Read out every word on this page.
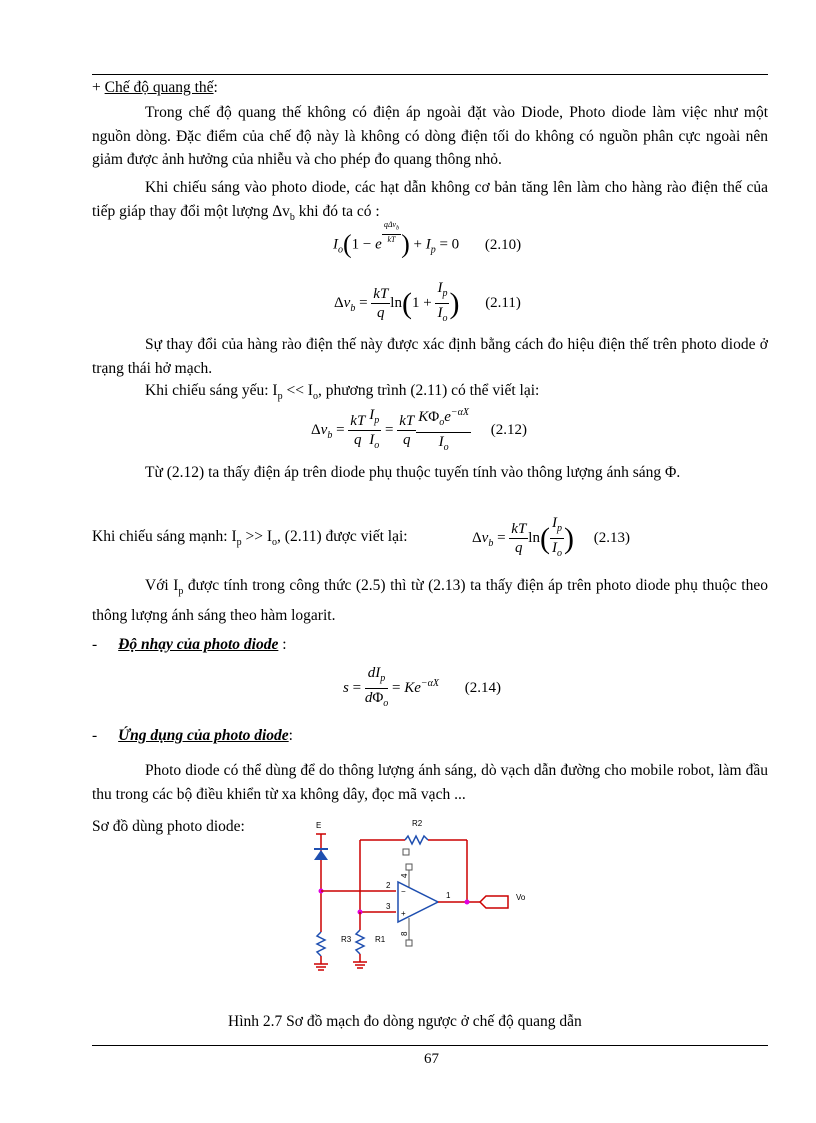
+ Chế độ quang thế:
Trong chế độ quang thế không có điện áp ngoài đặt vào Diode, Photo diode làm việc như một nguồn dòng. Đặc điểm của chế độ này là không có dòng điện tối do không có nguồn phân cực ngoài nên giảm được ảnh hưởng của nhiễu và cho phép đo quang thông nhỏ.
Khi chiếu sáng vào photo diode, các hạt dẫn không cơ bản tăng lên làm cho hàng rào điện thế của tiếp giáp thay đổi một lượng $\Delta v_b$ khi đó ta có :
$I_o(1 - e$ $^{\frac{q\Delta v_b}{kT}}$ ) + $I_p = 0$ (2.10)
$\Delta v_b = \frac{kT}{q} \ln(1 + \frac{I_p}{I_o}$ ) (2.11)
Sự thay đổi của hàng rào điện thế này được xác định bằng cách đo hiệu điện thế trên photo diode ở trạng thái hở mạch.
Khi chiếu sáng yếu: $I_p << I_o$, phương trình (2.11) có thể viết lại:
$\Delta v_b = \frac{kT}{q} \frac{I_p}{I_o} = \frac{kT}{q} \frac{K\Phi_oe^{-\alpha X}}{I_o} (2.12)$
Từ (2.12) ta thấy điện áp trên diode phụ thuộc tuyến tính vào thông lượng ánh sáng Φ.
Khi chiếu sáng mạnh: $I_p >> I_o$, (2.11) được viết lại:	$\Delta v_b = \frac{kT}{q} \ln( \frac{I_p}{I_o}$ ) (2.13)
Với $I_p$ được tính trong công thức (2.5) thì từ (2.13) ta thấy điện áp trên photo diode phụ thuộc theo thông lượng ánh sáng theo hàm logarit.
- Độ nhạy của photo diode :
$s = \frac{dI_p}{d\Phi_o} = Ke^{-\alpha X}$ (2.14)
- Ứng dụng của photo diode:
Photo diode có thể dùng để do thông lượng ánh sáng, dò vạch dẫn đường cho mobile robot, làm đầu thu trong các bộ điều khiển từ xa không dây, đọc mã vạch ...
Sơ đồ dùng photo diode:	E	R2
2
3
−
+
4
8
1	Vo
R3	R1
Hình 2.7 Sơ đồ mạch đo dòng ngược ở chế độ quang dẫn
67
